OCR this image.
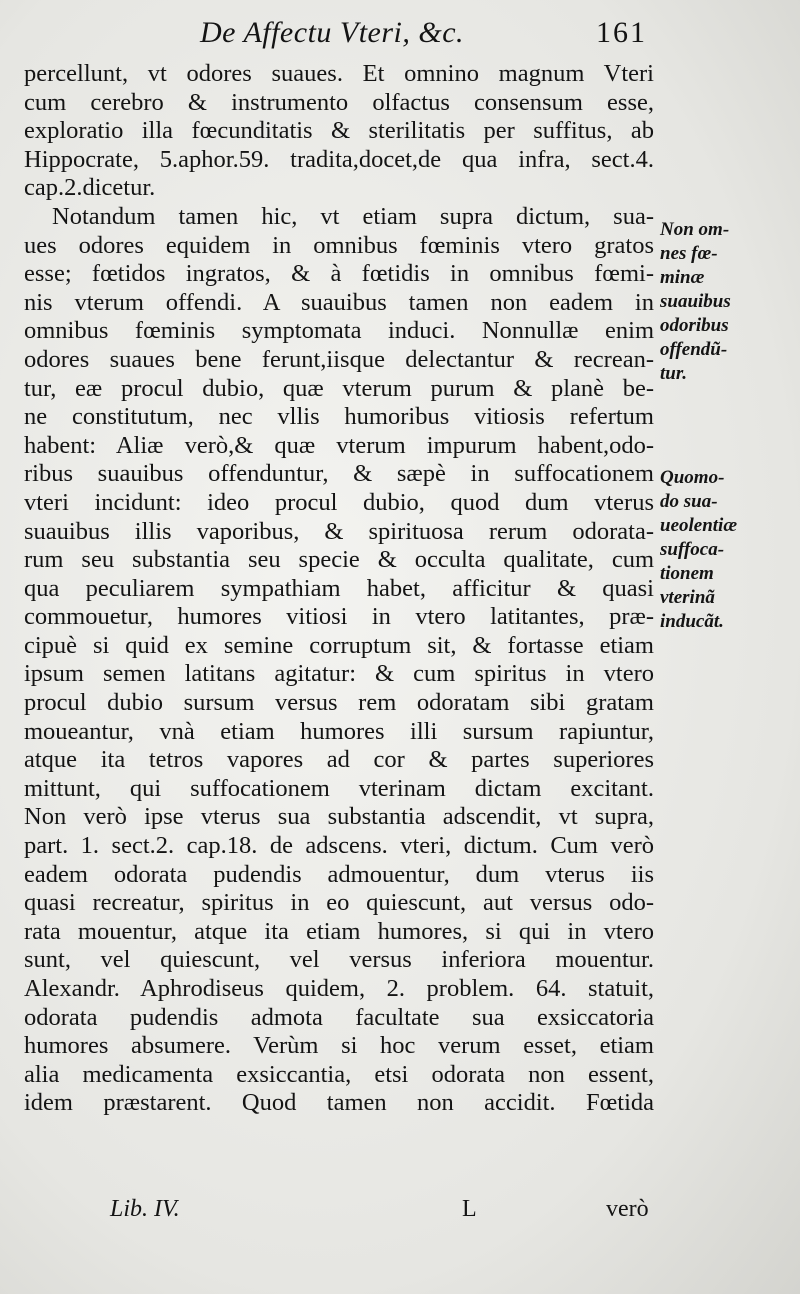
De Affectu Vteri, &c.	161
percellunt, vt odores suaues. Et omnino magnum Vteri
cum cerebro & instrumento olfactus consensum esse,
exploratio illa fœcunditatis & sterilitatis per suffitus, ab
Hippocrate, 5.aphor.59. tradita,docet,de qua infra, sect.4.
cap.2.dicetur.
Notandum tamen hic, vt etiam supra dictum, sua-
ues odores equidem in omnibus fœminis vtero gratos
esse; fœtidos ingratos, & à fœtidis in omnibus fœmi-
nis vterum offendi. A suauibus tamen non eadem in
omnibus fœminis symptomata induci. Nonnullæ enim
odores suaues bene ferunt,iisque delectantur & recrean-
tur, eæ procul dubio, quæ vterum purum & planè be-
ne constitutum, nec vllis humoribus vitiosis refertum
habent: Aliæ verò,& quæ vterum impurum habent,odo-
ribus suauibus offenduntur, & sæpè in suffocationem
vteri incidunt: ideo procul dubio, quod dum vterus
suauibus illis vaporibus, & spirituosa rerum odorata-
rum seu substantia seu specie & occulta qualitate, cum
qua peculiarem sympathiam habet, afficitur & quasi
commouetur, humores vitiosi in vtero latitantes, præ-
cipuè si quid ex semine corruptum sit, & fortasse etiam
ipsum semen latitans agitatur: & cum spiritus in vtero
procul dubio sursum versus rem odoratam sibi gratam
moueantur, vnà etiam humores illi sursum rapiuntur,
atque ita tetros vapores ad cor & partes superiores
mittunt, qui suffocationem vterinam dictam excitant.
Non verò ipse vterus sua substantia adscendit, vt supra,
part. 1. sect.2. cap.18. de adscens. vteri, dictum. Cum verò
eadem odorata pudendis admouentur, dum vterus iis
quasi recreatur, spiritus in eo quiescunt, aut versus odo-
rata mouentur, atque ita etiam humores, si qui in vtero
sunt, vel quiescunt, vel versus inferiora mouentur.
Alexandr. Aphrodiseus quidem, 2. problem. 64. statuit,
odorata pudendis admota facultate sua exsiccatoria
humores absumere. Verùm si hoc verum esset, etiam
alia medicamenta exsiccantia, etsi odorata non essent,
idem præstarent. Quod tamen non accidit. Fœtida
Non om-
nes fœ-
minæ
suauibus
odoribus
offendũ-
tur.
Quomo-
do sua-
ueolentiæ
suffoca-
tionem
vterinã
inducãt.
Lib. IV.	L	verò
